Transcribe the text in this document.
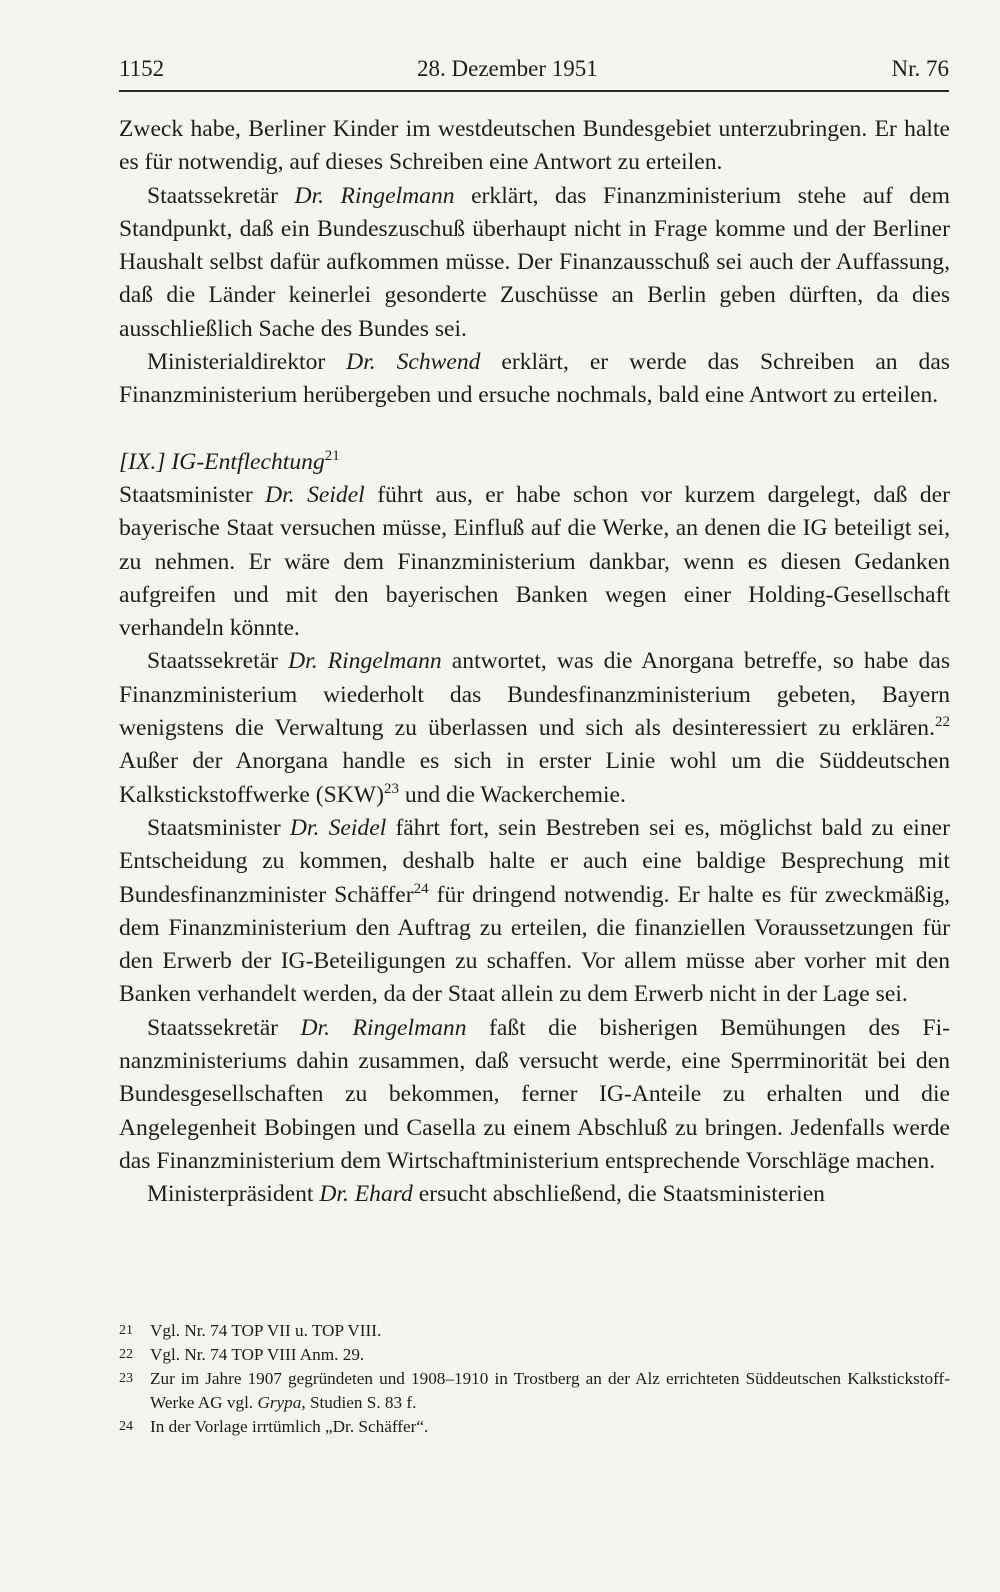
1152	28. Dezember 1951	Nr. 76

Zweck habe, Berliner Kinder im westdeutschen Bundesgebiet unterzubringen. Er halte es für notwendig, auf dieses Schreiben eine Antwort zu erteilen.

Staatssekretär Dr. Ringelmann erklärt, das Finanzministerium stehe auf dem Standpunkt, daß ein Bundeszuschuß überhaupt nicht in Frage komme und der Berliner Haushalt selbst dafür aufkommen müsse. Der Finanzausschuß sei auch der Auffassung, daß die Länder keinerlei gesonderte Zuschüsse an Berlin geben dürften, da dies ausschließlich Sache des Bundes sei.

Ministerialdirektor Dr. Schwend erklärt, er werde das Schreiben an das Finanzministerium herübergeben und ersuche nochmals, bald eine Antwort zu erteilen.

[IX.] IG-Entflechtung$^{21}$

Staatsminister Dr. Seidel führt aus, er habe schon vor kurzem dargelegt, daß der bayerische Staat versuchen müsse, Einfluß auf die Werke, an denen die IG beteiligt sei, zu nehmen. Er wäre dem Finanzministerium dankbar, wenn es diesen Gedanken aufgreifen und mit den bayerischen Banken wegen einer Holding-Gesellschaft verhandeln könnte.

Staatssekretär Dr. Ringelmann antwortet, was die Anorgana betreffe, so habe das Finanzministerium wiederholt das Bundesfinanzministerium gebeten, Bayern wenigstens die Verwaltung zu überlassen und sich als desinteressiert zu erklären.$^{22}$ Außer der Anorgana handle es sich in erster Linie wohl um die Süddeutschen Kalkstickstoffwerke (SKW)$^{23}$ und die Wackerchemie.

Staatsminister Dr. Seidel fährt fort, sein Bestreben sei es, möglichst bald zu einer Entscheidung zu kommen, deshalb halte er auch eine baldige Besprechung mit Bundesfinanzminister Schäffer$^{24}$ für dringend notwendig. Er halte es für zweckmäßig, dem Finanzministerium den Auftrag zu erteilen, die finanziellen Voraussetzungen für den Erwerb der IG-Beteiligungen zu schaffen. Vor allem müsse aber vorher mit den Banken verhandelt werden, da der Staat allein zu dem Erwerb nicht in der Lage sei.

Staatssekretär Dr. Ringelmann faßt die bisherigen Bemühungen des Finanzministeriums dahin zusammen, daß versucht werde, eine Sperrminorität bei den Bundesgesellschaften zu bekommen, ferner IG-Anteile zu erhalten und die Angelegenheit Bobingen und Casella zu einem Abschluß zu bringen. Jedenfalls werde das Finanzministerium dem Wirtschaftministerium entsprechende Vorschläge machen.

Ministerpräsident Dr. Ehard ersucht abschließend, die Staatsministerien

21 Vgl. Nr. 74 TOP VII u. TOP VIII.
22 Vgl. Nr. 74 TOP VIII Anm. 29.
23 Zur im Jahre 1907 gegründeten und 1908–1910 in Trostberg an der Alz errichteten Süddeutschen Kalkstickstoff-Werke AG vgl. Grypa, Studien S. 83 f.
24 In der Vorlage irrtümlich „Dr. Schäffer“.
